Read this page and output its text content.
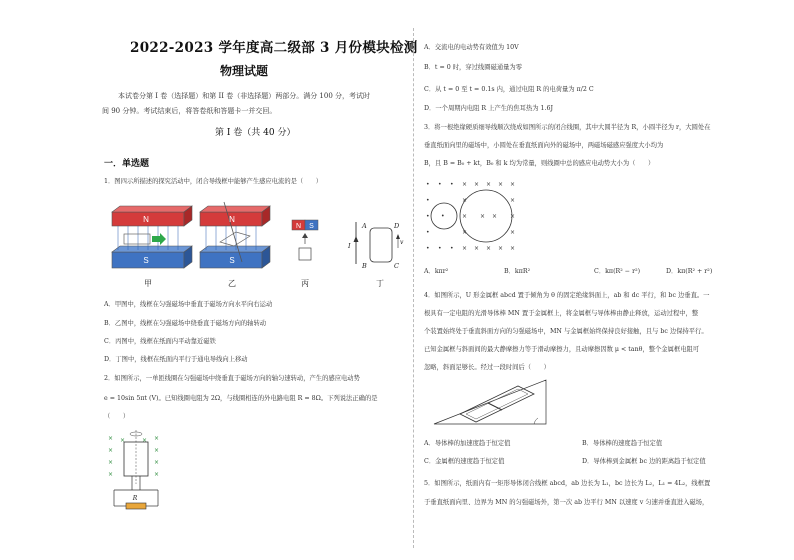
2022-2023 学年度高二级部 3 月份模块检测
物理试题
本试卷分第 I 卷（选择题）和第 II 卷（非选择题）两部分。满分 100 分，考试时
间 90 分钟。考试结束后，将答卷纸和答题卡一并交回。
第 I 卷（共 40 分）
一．单选题
1．图四示所描述的探究活动中，闭合导线框中能够产生感应电流的是（　　）
N
S
甲
N
S
乙
N S
丙
I
A
B	C
D
v
丁
A．甲图中，线框在匀强磁场中垂直于磁场方向水平向右运动
B．乙图中，线框在匀强磁场中绕垂直于磁场方向的轴转动
C．丙图中，线框在纸面内平动靠近磁铁
D．丁图中，线框在纸面内平行于通电导线向上移动
2．如图所示，一单匝线圈在匀强磁场中绕垂直于磁场方向的轴匀速转动，产生的感应电动势
e = 10sin 5πt (V)。已知线圈电阻为 2Ω，与线圈相连的外电路电阻 R = 8Ω。下列说法正确的是
（　　）
×
×
×
×
×
×
×
×
×	×
R
A．交流电的电动势有效值为 10V
B．t = 0 时，穿过线圈磁通量为零
C．从 t = 0 至 t = 0.1s 内，通过电阻 R 的电荷量为 π/2 C
D．一个周期内电阻 R 上产生的焦耳热为 1.6J
3．将一根绝缘硬质细导线顺次绕成如图所示的闭合线圈，其中大圆半径为 R，小圆半径为 r，大圆处在
垂直纸面向里的磁场中，小圆处在垂直纸面向外的磁场中，两磁场磁感应强度大小均为
B，且 B = B₀ + kt，B₀ 和 k 均为常量，则线圈中总的感应电动势大小为（　　）
• • •
•
•
•
• • •
× × × × ×
×	×
×	×
×	×
× × × × ×
•	× ×
A．kπr²	B．kπR²	C．kπ(R² − r²)	D．kπ(R² + r²)
4．如图所示，U 形金属框 abcd 置于倾角为 θ 的固定绝缘斜面上，ab 和 dc 平行，和 bc 边垂直。一
根具有一定电阻的光滑导体棒 MN 置于金属框上，将金属框与导体棒由静止释放，运动过程中，整
个装置始终处于垂直斜面方向的匀强磁场中，MN 与金属框始终保持良好接触，且与 bc 边保持平行。
已知金属框与斜面间的最大静摩擦力等于滑动摩擦力，且动摩擦因数 μ < tanθ，整个金属框电阻可
忽略，斜面足够长。经过一段时间后（　　）
A．导体棒的加速度趋于恒定值	B．导体棒的速度趋于恒定值
C．金属框的速度趋于恒定值	D．导体棒到金属框 bc 边的距离趋于恒定值
5．如图所示，纸面内有一矩形导体闭合线框 abcd，ab 边长为 L₁，bc 边长为 L₂，L₁ = 4L₂，线框置
于垂直纸面向里、边界为 MN 的匀强磁场外，第一次 ab 边平行 MN 以速度 v 匀速并垂直进入磁场，
